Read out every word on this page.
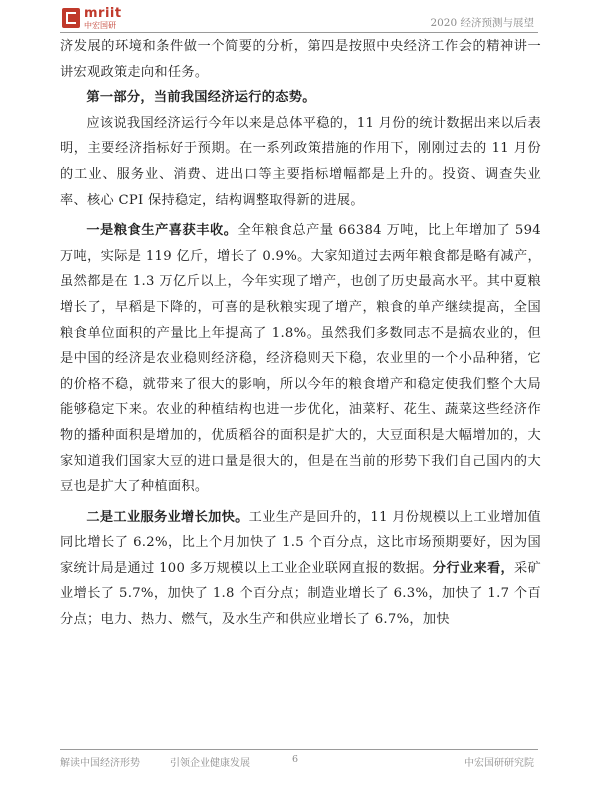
mriit
中宏国研	2020 经济预测与展望

济发展的环境和条件做一个简要的分析，第四是按照中央经济工作会的精神讲一讲宏观政策走向和任务。

第一部分，当前我国经济运行的态势。

应该说我国经济运行今年以来是总体平稳的，11 月份的统计数据出来以后表明，主要经济指标好于预期。在一系列政策措施的作用下，刚刚过去的 11 月份的工业、服务业、消费、进出口等主要指标增幅都是上升的。投资、调查失业率、核心 CPI 保持稳定，结构调整取得新的进展。

一是粮食生产喜获丰收。全年粮食总产量 66384 万吨，比上年增加了 594 万吨，实际是 119 亿斤，增长了 0.9%。大家知道过去两年粮食都是略有减产，虽然都是在 1.3 万亿斤以上，今年实现了增产，也创了历史最高水平。其中夏粮增长了，早稻是下降的，可喜的是秋粮实现了增产，粮食的单产继续提高，全国粮食单位面积的产量比上年提高了 1.8%。虽然我们多数同志不是搞农业的，但是中国的经济是农业稳则经济稳，经济稳则天下稳，农业里的一个小品种猪，它的价格不稳，就带来了很大的影响，所以今年的粮食增产和稳定使我们整个大局能够稳定下来。农业的种植结构也进一步优化，油菜籽、花生、蔬菜这些经济作物的播种面积是增加的，优质稻谷的面积是扩大的，大豆面积是大幅增加的，大家知道我们国家大豆的进口量是很大的，但是在当前的形势下我们自己国内的大豆也是扩大了种植面积。

二是工业服务业增长加快。工业生产是回升的，11 月份规模以上工业增加值同比增长了 6.2%，比上个月加快了 1.5 个百分点，这比市场预期要好，因为国家统计局是通过 100 多万规模以上工业企业联网直报的数据。分行业来看，采矿业增长了 5.7%，加快了 1.8 个百分点；制造业增长了 6.3%，加快了 1.7 个百分点；电力、热力、燃气，及水生产和供应业增长了 6.7%，加快

解读中国经济形势	引领企业健康发展	6	中宏国研研究院
